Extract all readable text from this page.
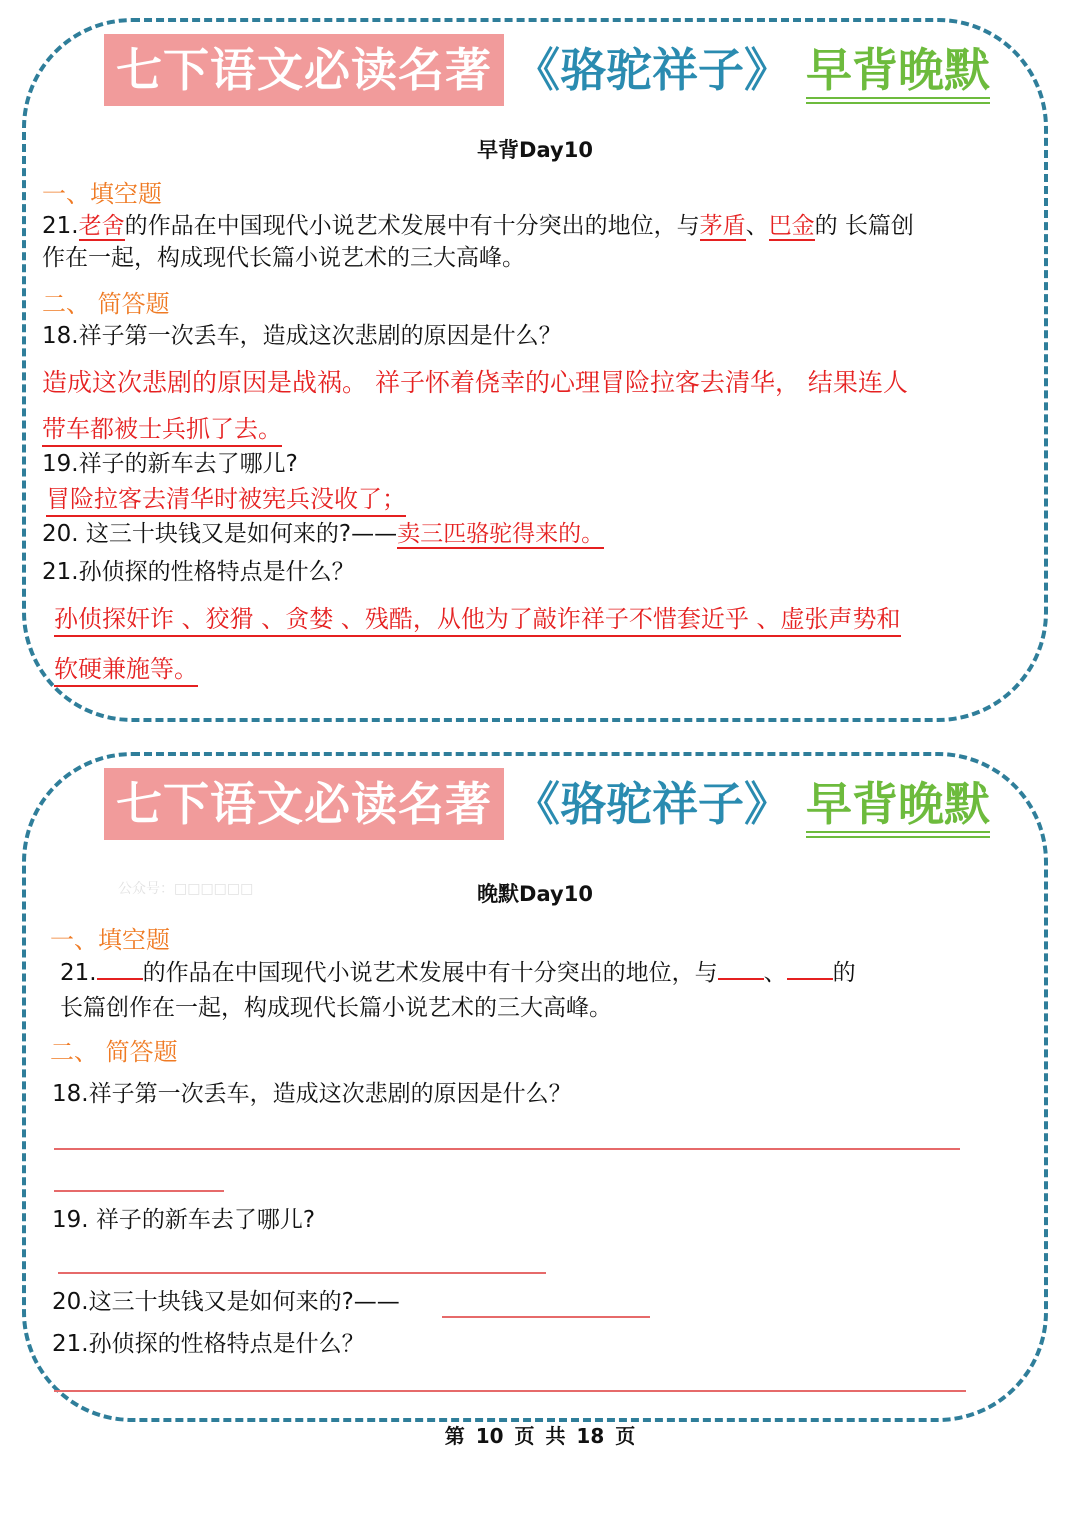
七下语文必读名著 《骆驼祥子》 早背晚默
早背Day10
一、填空题
21.老舍的作品在中国现代小说艺术发展中有十分突出的地位，与茅盾、巴金的 长篇创
作在一起，构成现代长篇小说艺术的三大高峰。
二、 简答题
18.祥子第一次丢车，造成这次悲剧的原因是什么？
造成这次悲剧的原因是战祸。 祥子怀着侥幸的心理冒险拉客去清华， 结果连人
带车都被士兵抓了去。
19.祥子的新车去了哪儿?
冒险拉客去清华时被宪兵没收了；
20. 这三十块钱又是如何来的?——卖三匹骆驼得来的。
21.孙侦探的性格特点是什么？
孙侦探奸诈 、狡猾 、贪婪 、残酷，从他为了敲诈祥子不惜套近乎 、虚张声势和
软硬兼施等。
七下语文必读名著 《骆驼祥子》 早背晚默
公众号：□□□□□□	晚默Day10
一、填空题
21. 的作品在中国现代小说艺术发展中有十分突出的地位，与 、 的
长篇创作在一起，构成现代长篇小说艺术的三大高峰。
二、 简答题
18.祥子第一次丢车，造成这次悲剧的原因是什么？
19. 祥子的新车去了哪儿?
20.这三十块钱又是如何来的?——
21.孙侦探的性格特点是什么？
第 10 页 共 18 页
